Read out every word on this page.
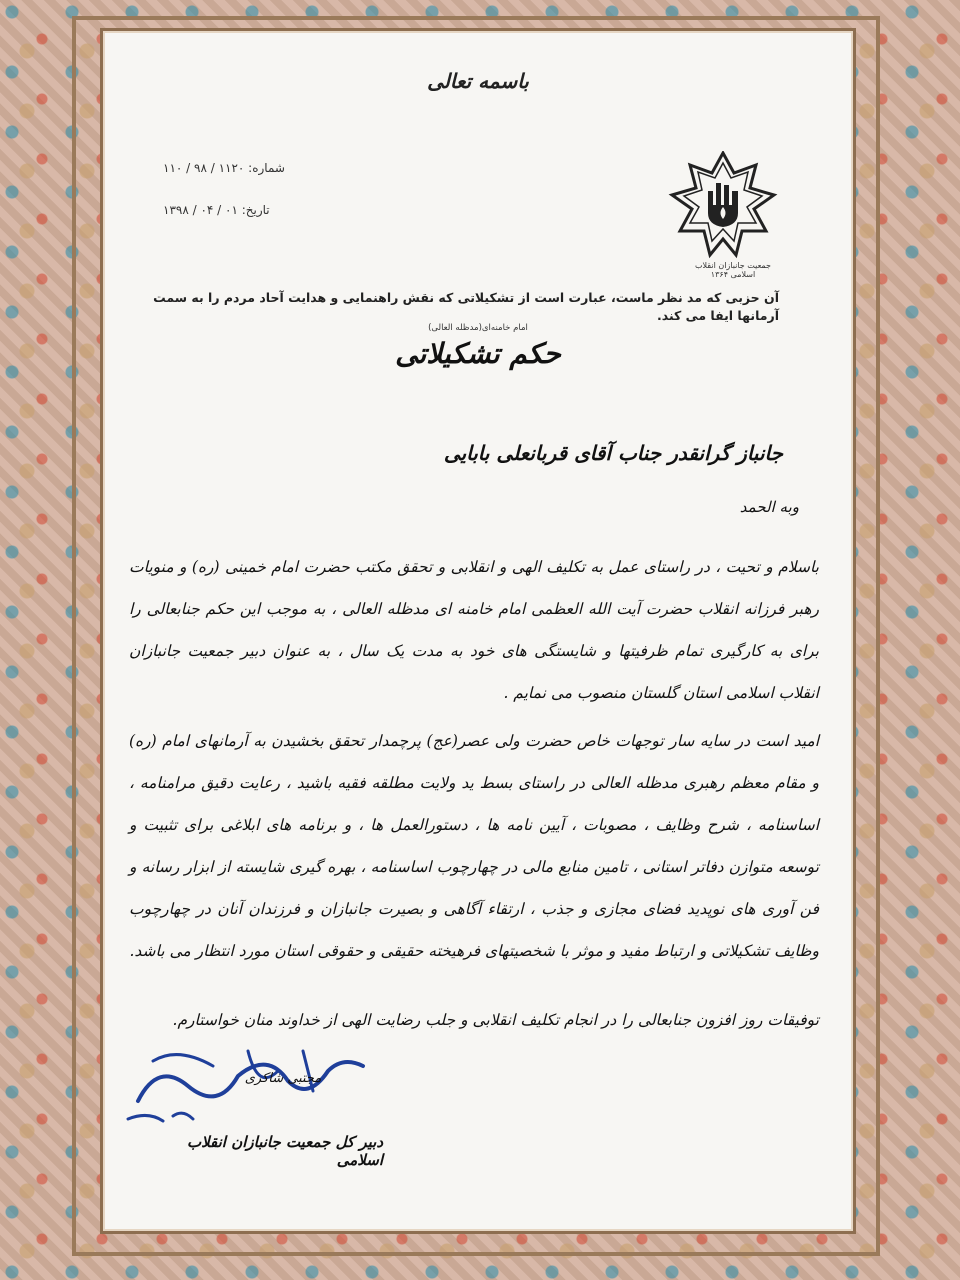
باسمه تعالی
شماره: ۱۱۲۰ / ۹۸ / ۱۱۰
تاریخ: ۰۱ / ۰۴ / ۱۳۹۸
جمعیت جانبازان انقلاب اسلامی ۱۳۶۴
آن حزبی که مد نظر ماست، عبارت است از تشکیلاتی که نقش راهنمایی و هدایت آحاد مردم را به سمت آرمانها ایفا می کند.
امام خامنه‌ای(مدظله العالی)
حکم تشکیلاتی
جانباز گرانقدر جناب آقای قربانعلی بابایی
وبه الحمد

باسلام و تحیت ، در راستای عمل به تکلیف الهی و انقلابی و تحقق مکتب حضرت امام خمینی (ره) و منویات رهبر فرزانه انقلاب حضرت آیت الله العظمی امام خامنه ای مدظله العالی ، به موجب این حکم جنابعالی را برای به کارگیری تمام ظرفیتها و شایستگی های خود به مدت یک سال ، به عنوان دبیر جمعیت جانبازان انقلاب اسلامی استان گلستان منصوب می نمایم .

امید است در سایه سار توجهات خاص حضرت ولی عصر(عج) پرچمدار تحقق بخشیدن به آرمانهای امام (ره) و مقام معظم رهبری مدظله العالی در راستای بسط ید ولایت مطلقه فقیه باشید ، رعایت دقیق مرامنامه ، اساسنامه ، شرح وظایف ، مصوبات ، آیین نامه ها ، دستورالعمل ها ، و برنامه های ابلاغی برای تثبیت و توسعه متوازن دفاتر استانی ، تامین منابع مالی در چهارچوب اساسنامه ، بهره گیری شایسته از ابزار رسانه و فن آوری های نوپدید فضای مجازی و جذب ، ارتقاء آگاهی و بصیرت جانبازان و فرزندان آنان در چهارچوب وظایف تشکیلاتی و ارتباط مفید و موثر با شخصیتهای فرهیخته حقیقی و حقوقی استان مورد انتظار می باشد.

توفیقات روز افزون جنابعالی را در انجام تکلیف انقلابی و جلب رضایت الهی از خداوند منان خواستارم.
مجتبی شاکری
دبیر کل جمعیت جانبازان انقلاب اسلامی
